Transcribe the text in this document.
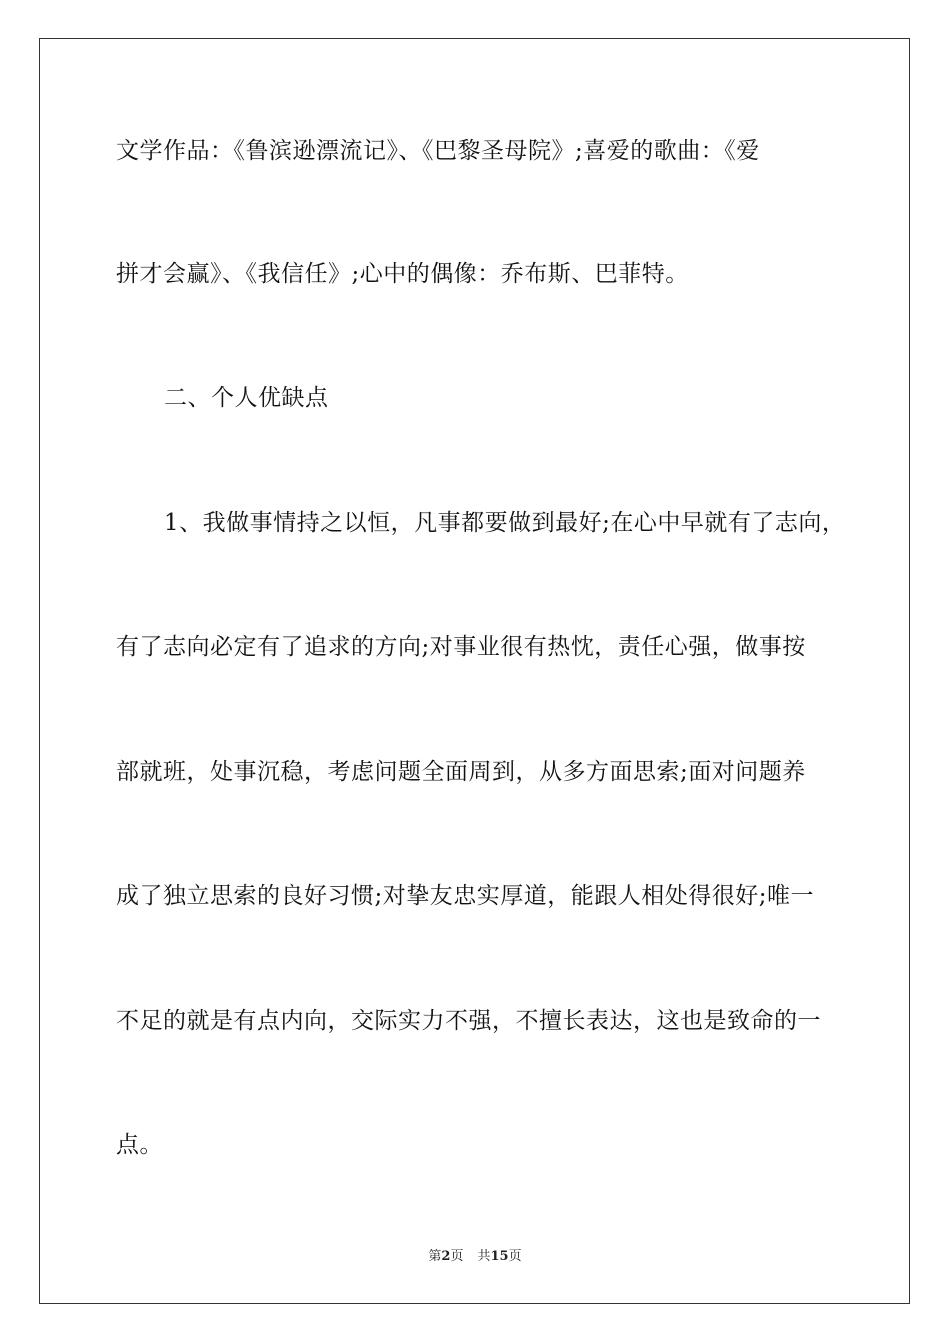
文学作品：《鲁滨逊漂流记》、《巴黎圣母院》;喜爱的歌曲：《爱
拼才会赢》、《我信任》;心中的偶像：乔布斯、巴菲特。
二、个人优缺点
1、我做事情持之以恒，凡事都要做到最好;在心中早就有了志向，
有了志向必定有了追求的方向;对事业很有热忱，责任心强，做事按
部就班，处事沉稳，考虑问题全面周到，从多方面思索;面对问题养
成了独立思索的良好习惯;对挚友忠实厚道，能跟人相处得很好;唯一
不足的就是有点内向，交际实力不强，不擅长表达，这也是致命的一
点。
第2页 共15页
